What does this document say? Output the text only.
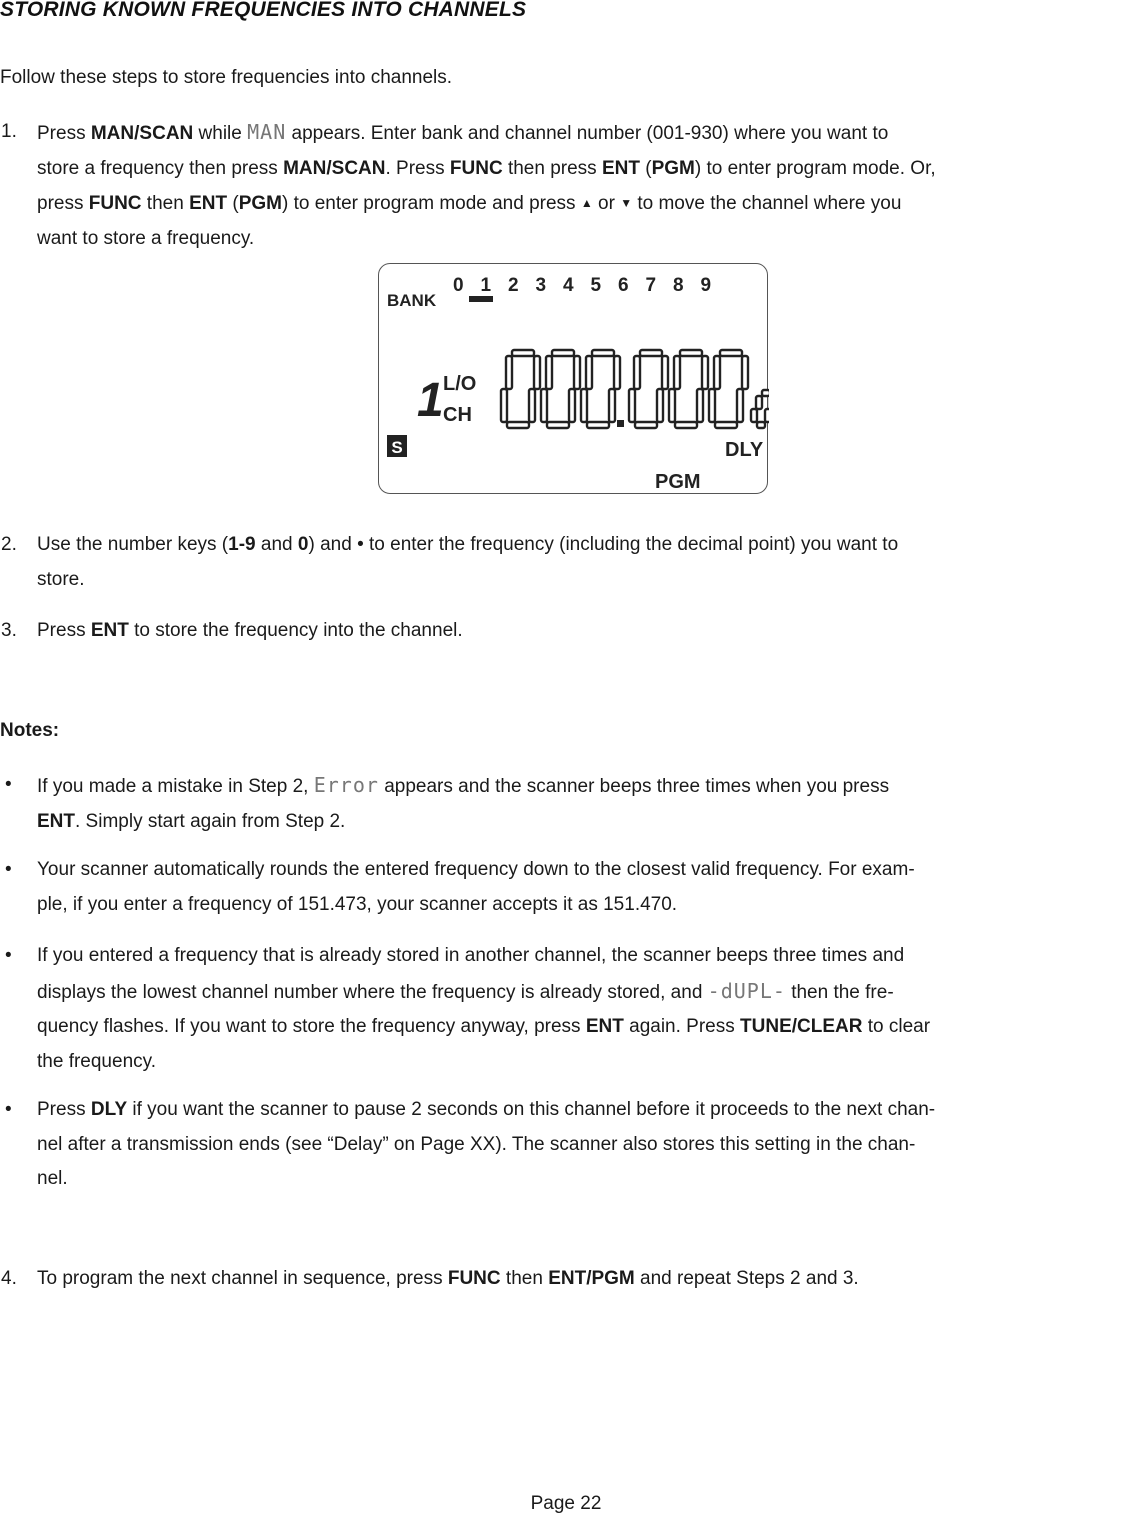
STORING KNOWN FREQUENCIES INTO CHANNELS
Follow these steps to store frequencies into channels.
1. Press MAN/SCAN while MAN appears. Enter bank and channel number (001-930) where you want to
store a frequency then press MAN/SCAN. Press FUNC then press ENT (PGM) to enter program mode. Or,
press FUNC then ENT (PGM) to enter program mode and press ▲ or ▼ to move the channel where you
want to store a frequency.
BANK
0 1 2 3 4 5 6 7 8 9
1 L/O
CH
S	DLY
PGM
2. Use the number keys (1-9 and 0) and • to enter the frequency (including the decimal point) you want to
store.
3. Press ENT to store the frequency into the channel.
Notes:
• If you made a mistake in Step 2, Error appears and the scanner beeps three times when you press
ENT. Simply start again from Step 2.
• Your scanner automatically rounds the entered frequency down to the closest valid frequency. For exam-
ple, if you enter a frequency of 151.473, your scanner accepts it as 151.470.
• If you entered a frequency that is already stored in another channel, the scanner beeps three times and
displays the lowest channel number where the frequency is already stored, and -dUPL- then the fre-
quency flashes. If you want to store the frequency anyway, press ENT again. Press TUNE/CLEAR to clear
the frequency.
• Press DLY if you want the scanner to pause 2 seconds on this channel before it proceeds to the next chan-
nel after a transmission ends (see “Delay” on Page XX). The scanner also stores this setting in the chan-
nel.
4. To program the next channel in sequence, press FUNC then ENT/PGM and repeat Steps 2 and 3.
Page 22
